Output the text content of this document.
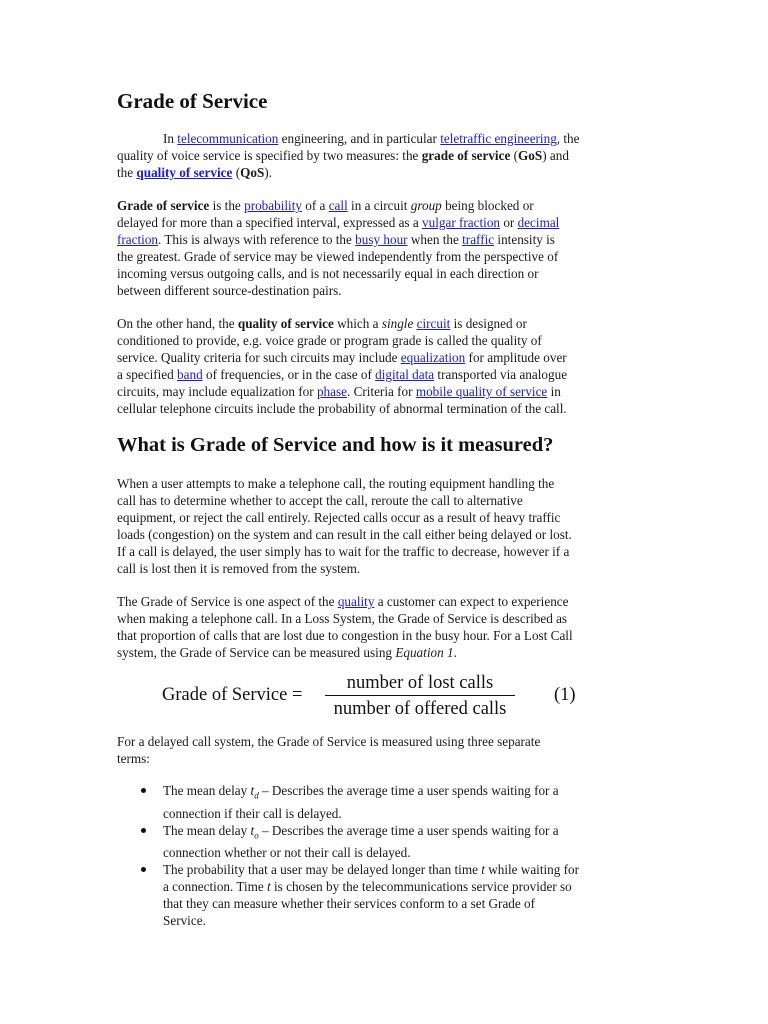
Grade of Service
In telecommunication engineering, and in particular teletraffic engineering, the
quality of voice service is specified by two measures: the grade of service (GoS) and
the quality of service (QoS).
Grade of service is the probability of a call in a circuit group being blocked or
delayed for more than a specified interval, expressed as a vulgar fraction or decimal
fraction. This is always with reference to the busy hour when the traffic intensity is
the greatest. Grade of service may be viewed independently from the perspective of
incoming versus outgoing calls, and is not necessarily equal in each direction or
between different source-destination pairs.
On the other hand, the quality of service which a single circuit is designed or
conditioned to provide, e.g. voice grade or program grade is called the quality of
service. Quality criteria for such circuits may include equalization for amplitude over
a specified band of frequencies, or in the case of digital data transported via analogue
circuits, may include equalization for phase. Criteria for mobile quality of service in
cellular telephone circuits include the probability of abnormal termination of the call.
What is Grade of Service and how is it measured?
When a user attempts to make a telephone call, the routing equipment handling the
call has to determine whether to accept the call, reroute the call to alternative
equipment, or reject the call entirely. Rejected calls occur as a result of heavy traffic
loads (congestion) on the system and can result in the call either being delayed or lost.
If a call is delayed, the user simply has to wait for the traffic to decrease, however if a
call is lost then it is removed from the system.
The Grade of Service is one aspect of the quality a customer can expect to experience
when making a telephone call. In a Loss System, the Grade of Service is described as
that proportion of calls that are lost due to congestion in the busy hour. For a Lost Call
system, the Grade of Service can be measured using Equation 1.
Grade of Service =
number of lost calls
number of offered calls
(1)
For a delayed call system, the Grade of Service is measured using three separate
terms:
The mean delay $t_d$ – Describes the average time a user spends waiting for a
connection if their call is delayed.
The mean delay $t_o$ – Describes the average time a user spends waiting for a
connection whether or not their call is delayed.
The probability that a user may be delayed longer than time t while waiting for
a connection. Time t is chosen by the telecommunications service provider so
that they can measure whether their services conform to a set Grade of
Service.
